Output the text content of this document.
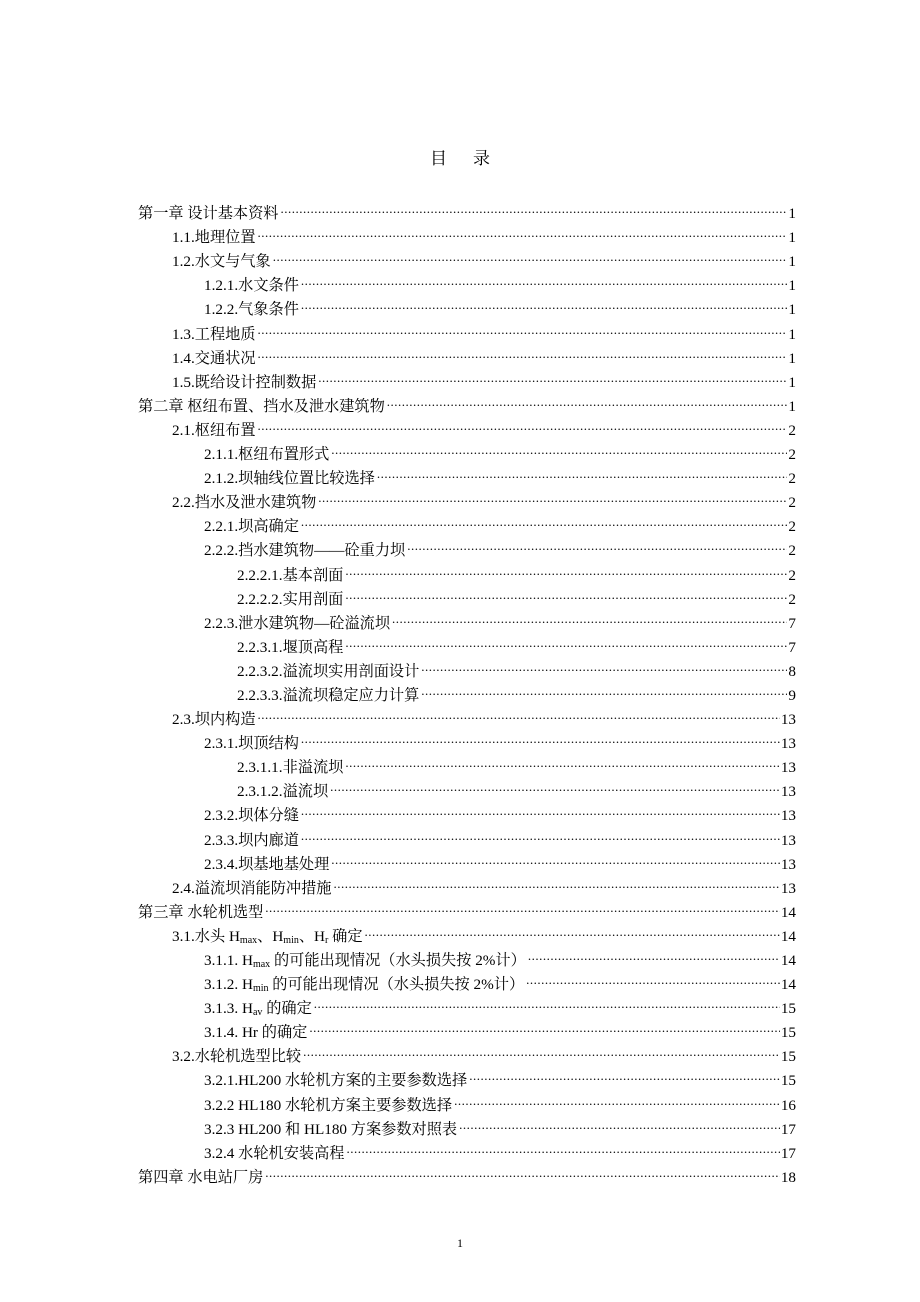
目 录
第一章 设计基本资料 .....	1
1.1.地理位置 .....	1
1.2.水文与气象 .....	1
1.2.1.水文条件 .....	1
1.2.2.气象条件 .....	1
1.3.工程地质 .....	1
1.4.交通状况 .....	1
1.5.既给设计控制数据 .....	1
第二章 枢纽布置、挡水及泄水建筑物 .....	1
2.1.枢纽布置 .....	2
2.1.1.枢纽布置形式 .....	2
2.1.2.坝轴线位置比较选择 .....	2
2.2.挡水及泄水建筑物 .....	2
2.2.1.坝高确定 .....	2
2.2.2.挡水建筑物——砼重力坝 .....	2
2.2.2.1.基本剖面 .....	2
2.2.2.2.实用剖面 .....	2
2.2.3.泄水建筑物—砼溢流坝 .....	7
2.2.3.1.堰顶高程 .....	7
2.2.3.2.溢流坝实用剖面设计 .....	8
2.2.3.3.溢流坝稳定应力计算 .....	9
2.3.坝内构造 .....	13
2.3.1.坝顶结构 .....	13
2.3.1.1.非溢流坝 .....	13
2.3.1.2.溢流坝 .....	13
2.3.2.坝体分缝 .....	13
2.3.3.坝内廊道 .....	13
2.3.4.坝基地基处理 .....	13
2.4.溢流坝消能防冲措施 .....	13
第三章 水轮机选型 .....	14
3.1.水头 $H_{max}$、$H_{min}$、$H_r$ 确定 .....	14
3.1.1. $H_{max}$ 的可能出现情况（水头损失按 2%计） .....	14
3.1.2. $H_{min}$ 的可能出现情况（水头损失按 2%计） .....	14
3.1.3. $H_{av}$ 的确定 .....	15
3.1.4. Hr 的确定 .....	15
3.2.水轮机选型比较 .....	15
3.2.1.HL200 水轮机方案的主要参数选择 .....	15
3.2.2 HL180 水轮机方案主要参数选择 .....	16
3.2.3 HL200 和 HL180 方案参数对照表 .....	17
3.2.4 水轮机安装高程 .....	17
第四章 水电站厂房 .....	18
1
